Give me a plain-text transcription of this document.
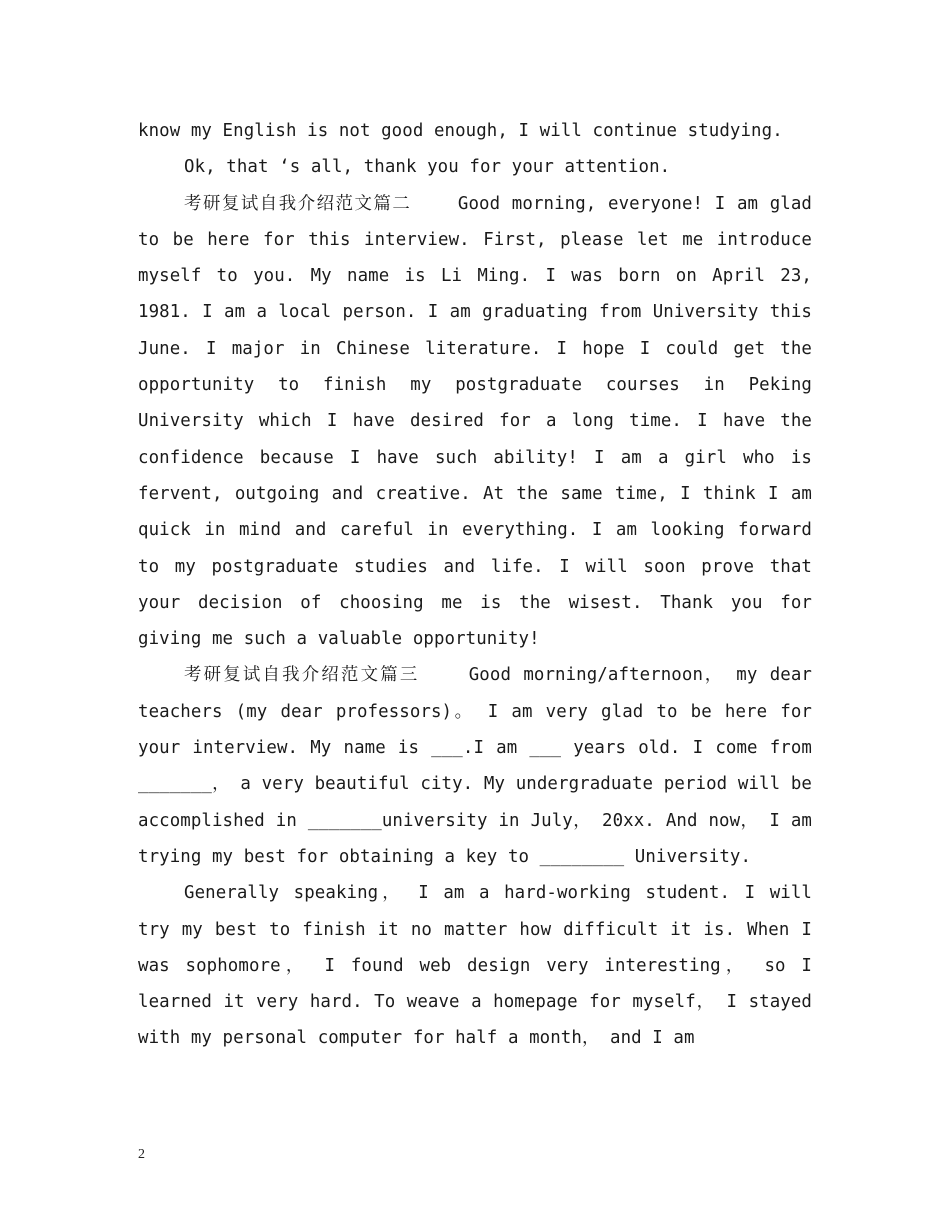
know my English is not good enough, I will continue studying.

Ok, that ‘s all, thank you for your attention.

考研复试自我介绍范文篇二    Good morning, everyone! I am glad to be here for this interview. First, please let me introduce myself to you. My name is Li Ming. I was born on April 23, 1981. I am a local person. I am graduating from University this June. I major in Chinese literature. I hope I could get the opportunity to finish my postgraduate courses in Peking University which I have desired for a long time. I have the confidence because I have such ability! I am a girl who is fervent, outgoing and creative. At the same time, I think I am quick in mind and careful in everything. I am looking forward to my postgraduate studies and life. I will soon prove that your decision of choosing me is the wisest. Thank you for giving me such a valuable opportunity!

考研复试自我介绍范文篇三    Good morning/afternoon， my dear teachers (my dear professors)。 I am very glad to be here for your interview. My name is ___.I am ___ years old. I come from _______， a very beautiful city. My undergraduate period will be accomplished in _______university in July， 20xx. And now， I am trying my best for obtaining a key to ________ University.

Generally speaking， I am a hard-working student. I will try my best to finish it no matter how difficult it is. When I was sophomore， I found web design very interesting， so I learned it very hard. To weave a homepage for myself， I stayed with my personal computer for half a month， and I am

2
